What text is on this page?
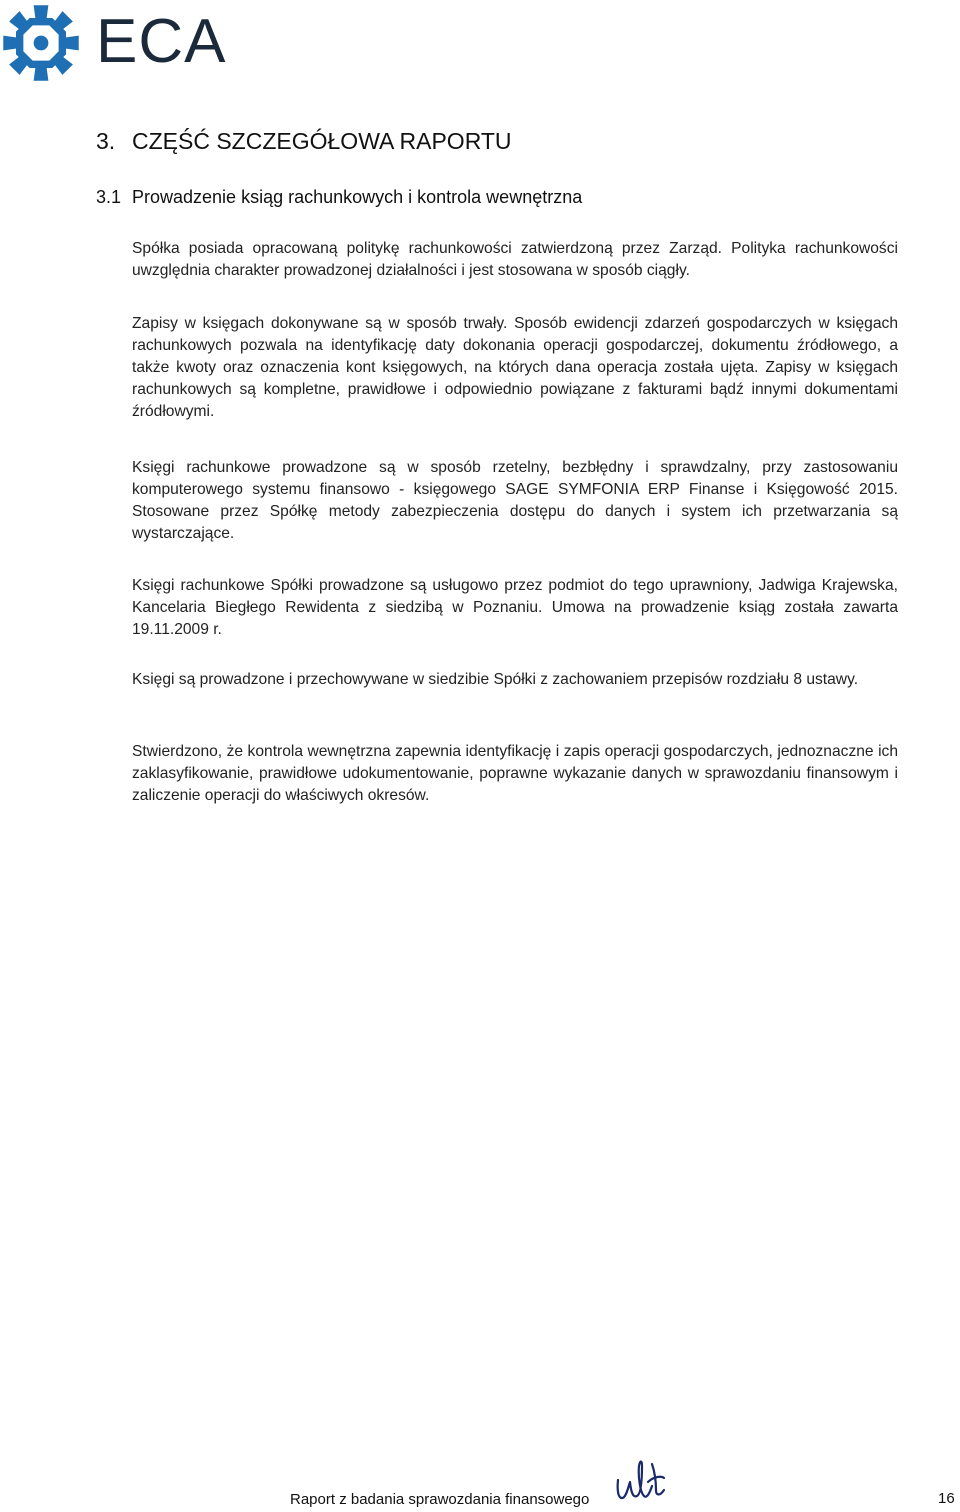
ECA
3. CZĘŚĆ SZCZEGÓŁOWA RAPORTU
3.1 Prowadzenie ksiąg rachunkowych i kontrola wewnętrzna
Spółka posiada opracowaną politykę rachunkowości zatwierdzoną przez Zarząd. Polityka rachunkowości uwzględnia charakter prowadzonej działalności i jest stosowana w sposób ciągły.
Zapisy w księgach dokonywane są w sposób trwały. Sposób ewidencji zdarzeń gospodarczych w księgach rachunkowych pozwala na identyfikację daty dokonania operacji gospodarczej, dokumentu źródłowego, a także kwoty oraz oznaczenia kont księgowych, na których dana operacja została ujęta. Zapisy w księgach rachunkowych są kompletne, prawidłowe i odpowiednio powiązane z fakturami bądź innymi dokumentami źródłowymi.
Księgi rachunkowe prowadzone są w sposób rzetelny, bezbłędny i sprawdzalny, przy zastosowaniu komputerowego systemu finansowo - księgowego SAGE SYMFONIA ERP Finanse i Księgowość 2015. Stosowane przez Spółkę metody zabezpieczenia dostępu do danych i system ich przetwarzania są wystarczające.
Księgi rachunkowe Spółki prowadzone są usługowo przez podmiot do tego uprawniony, Jadwiga Krajewska, Kancelaria Biegłego Rewidenta z siedzibą w Poznaniu. Umowa na prowadzenie ksiąg została zawarta 19.11.2009 r.
Księgi są prowadzone i przechowywane w siedzibie Spółki z zachowaniem przepisów rozdziału 8 ustawy.
Stwierdzono, że kontrola wewnętrzna zapewnia identyfikację i zapis operacji gospodarczych, jednoznaczne ich zaklasyfikowanie, prawidłowe udokumentowanie, poprawne wykazanie danych w sprawozdaniu finansowym i zaliczenie operacji do właściwych okresów.
Raport z badania sprawozdania finansowego	16
